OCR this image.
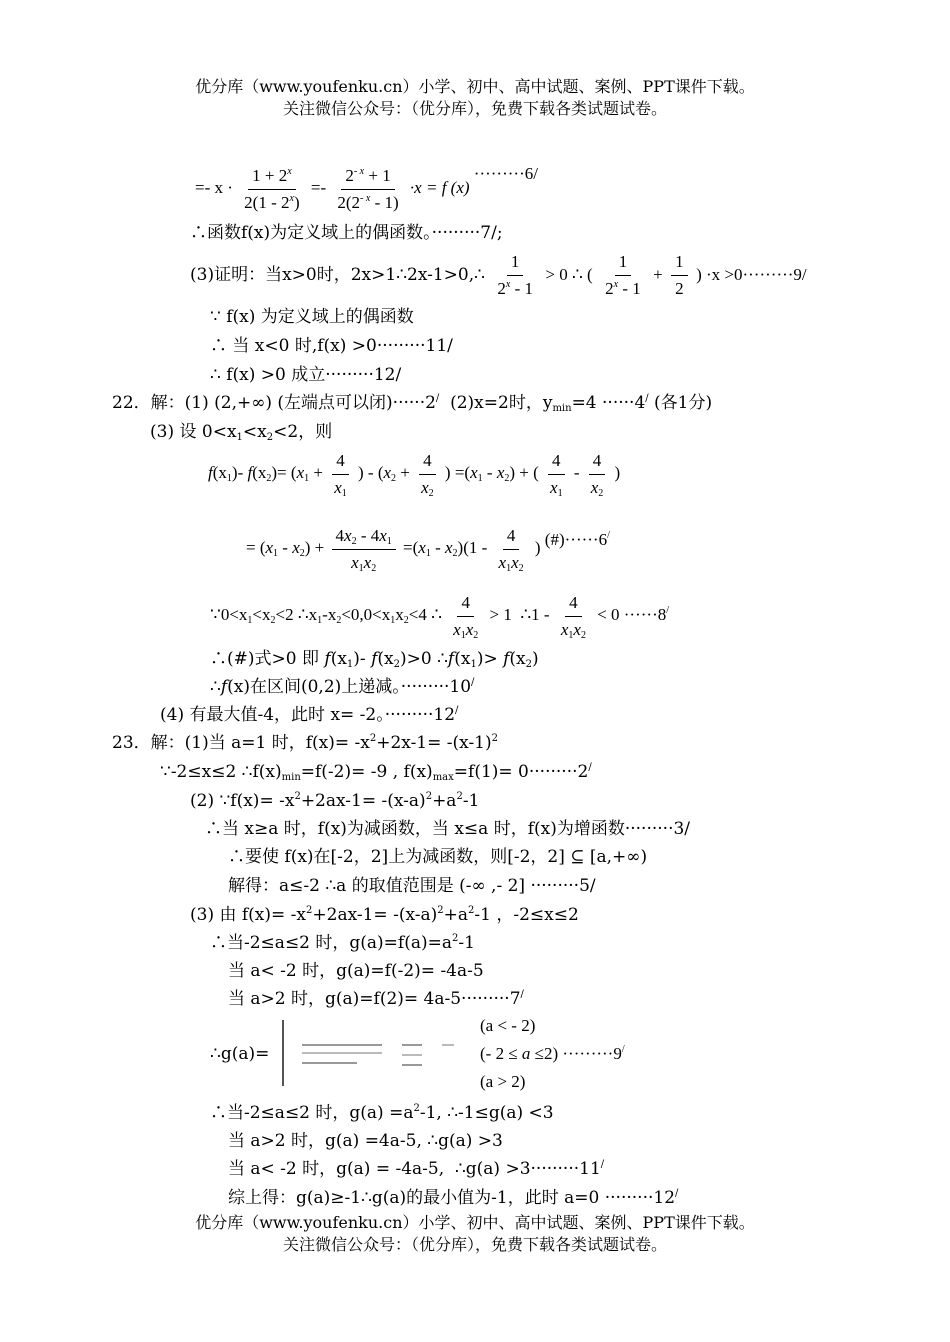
优分库（www.youfenku.cn）小学、初中、高中试题、案例、PPT课件下载。
关注微信公众号：（优分库），免费下载各类试题试卷。
=- $x \cdot \frac{1 + 2^x}{2(1 - 2^x)} =- \frac{2^{- x} + 1}{2(2^{- x} - 1)} \cdot x = f$ (x) ·········6/
∴函数f(x)为定义域上的偶函数。·········7/;
(3)证明：当x>0时，2x>1∴2x-1>0,∴ $\frac{1}{2^x - 1} > 0$ ∴ ( $\frac{1}{2^x - 1} + \frac{1}{2}$ ) ·x >0·········9/
∵ f(x) 为定义域上的偶函数
∴ 当 x<0 时,f(x) >0·········11/
∴ f(x) >0 成立·········12/
22．解：(1) (2,+∞) (左端点可以闭)······2/  (2)x=2时，$y_{min}=4 \cdot\cdot\cdot\cdot\cdot\cdot 4^/$ (各1分)
(3) 设 $0<x_1<x_2<2$，则
$f(x_1)-$ $f(x_2)= (x_1 + \frac{4}{x_1}$ ) - ($x_2 + \frac{4}{x_2}$ ) $=(x_1 - x_2)$ + ( $\frac{4}{x_1} - \frac{4}{x_2}$ )
= $(x_1 - x_2) + \frac{4x_2 - 4x_1}{x_1x_2} =(x_1 - x_2)(1 - \frac{4}{x_1x_2}$ ) (#)······6/
$\because 0<x_1<x_2<2$ $\therefore x_1-x_2<0,0<x_1x_2<4$ ∴ $\frac{4}{x_1x_2} > 1$  ∴1 - $\frac{4}{x_1x_2} < 0 \cdot\cdot\cdot\cdot\cdot\cdot 8^/$
∴(#)式>0 即 $f(x_1)-$ $f(x_2)>0$ $\therefore f(x_1)> f(x_2)$
∴f(x)在区间(0,2)上递减。·········10/
(4) 有最大值-4，此时 x= -2。·········12/
23．解：(1)当 a=1 时，$f(x)= -x^2+2x-1= -(x-1)^2$
∵-2≤x≤2 $\therefore f(x)_{min}=f(-2)= -9$ , $f(x)_{max}=f(1)= 0\cdot\cdot\cdot\cdot\cdot\cdot\cdot\cdot\cdot 2^/$
(2) ∵f(x)= $-x^2+2ax-1= -(x-a)^2+a^2-1$
∴当 x≥a 时，f(x)为减函数，当 x≤a 时，f(x)为增函数·········3/
∴要使 f(x)在[-2，2]上为减函数，则[-2，2] ⊆ [a,+∞)
解得：a≤-2 ∴a 的取值范围是 (-∞ ,- 2] ·········5/
(3) 由 $f(x)= -x^2+2ax-1= -(x-a)^2+a^2-1$ ，-2≤x≤2
∴当-2≤a≤2 时，$g(a)=f(a)=a^2-1$
当 a< -2 时，g(a)=f(-2)= -4a-5
当 a>2 时，g(a)=f(2)= 4a-5·········7/
∴g(a)=
(a < - 2)
(- 2 ≤ a ≤2) ·········9/
(a > 2)
∴当-2≤a≤2 时，$g(a) =a^2-1$, ∴-1≤g(a) <3
当 a>2 时，g(a) =4a-5, ∴g(a) >3
当 a< -2 时，g(a) = -4a-5,  ∴g(a) >3·········11/
综上得：g(a)≥-1∴g(a)的最小值为-1，此时 a=0 ·········12/
优分库（www.youfenku.cn）小学、初中、高中试题、案例、PPT课件下载。
关注微信公众号：（优分库），免费下载各类试题试卷。
